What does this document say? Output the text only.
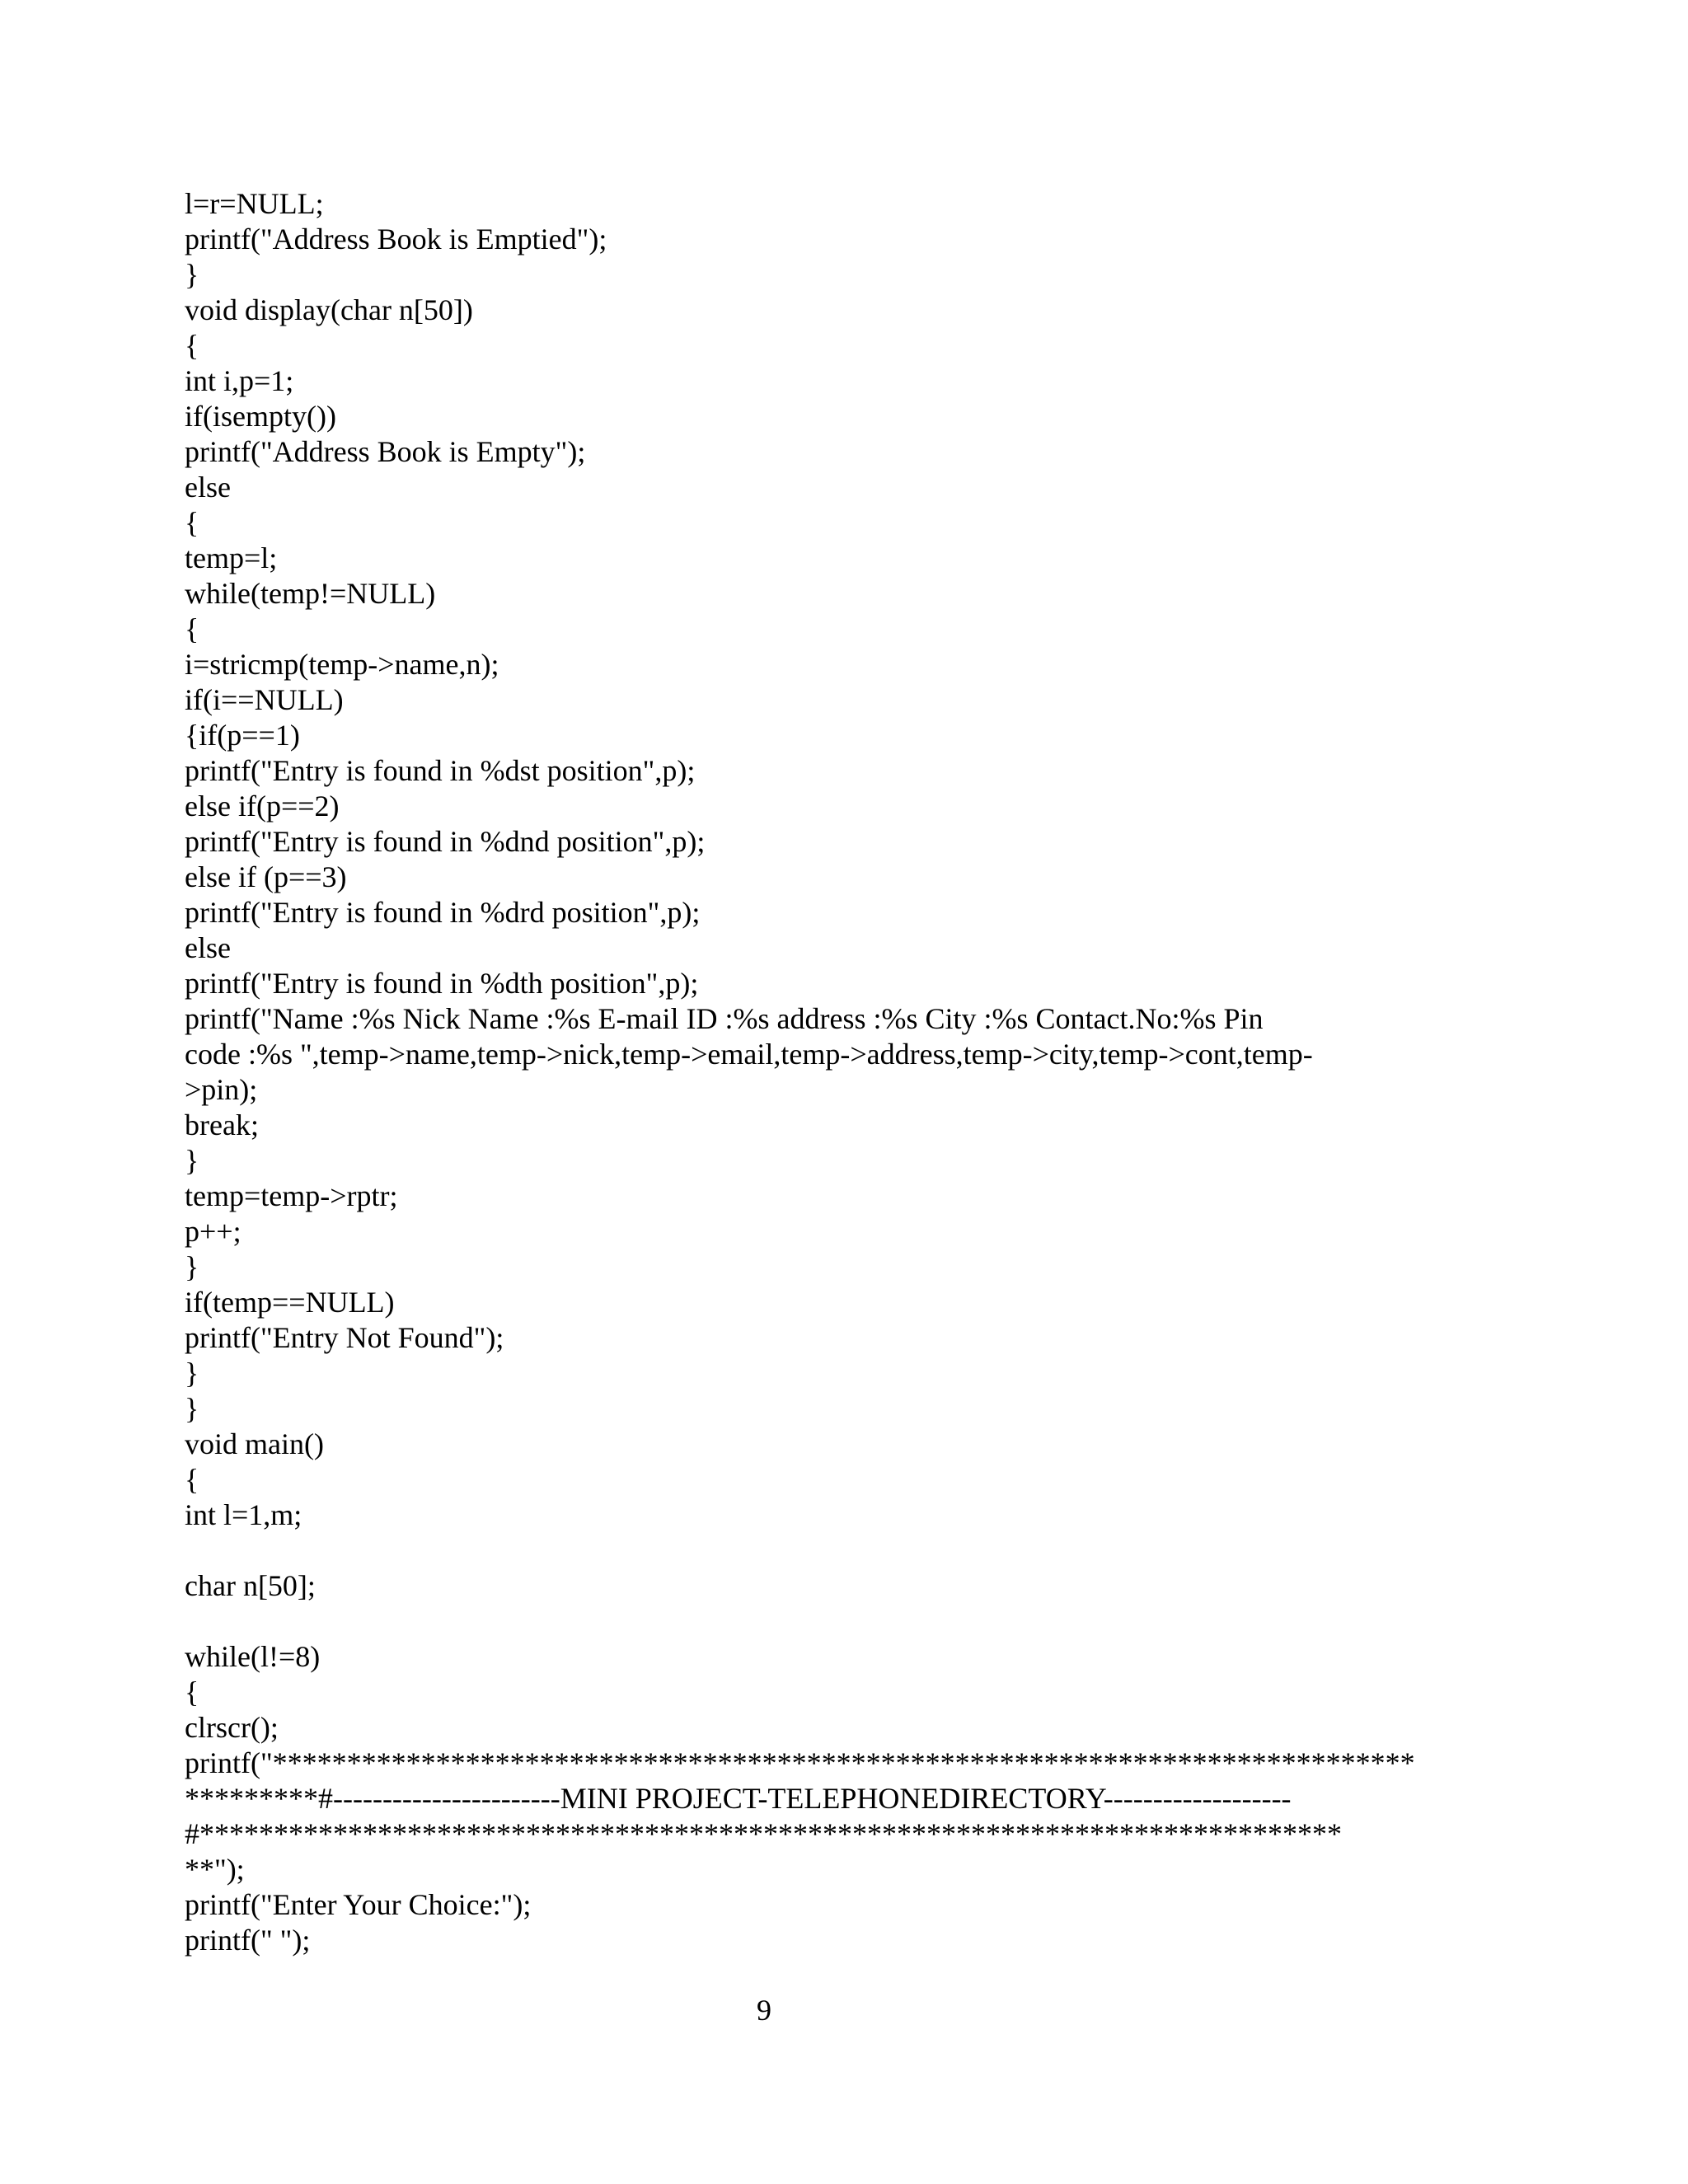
l=r=NULL;
printf("Address Book is Emptied");
}
void display(char n[50])
{
int i,p=1;
if(isempty())
printf("Address Book is Empty");
else
{
temp=l;
while(temp!=NULL)
{
i=stricmp(temp->name,n);
if(i==NULL)
{if(p==1)
printf("Entry is found in %dst position",p);
else if(p==2)
printf("Entry is found in %dnd position",p);
else if (p==3)
printf("Entry is found in %drd position",p);
else
printf("Entry is found in %dth position",p);
printf("Name :%s Nick Name :%s E-mail ID :%s address :%s City :%s Contact.No:%s Pin
code :%s ",temp->name,temp->nick,temp->email,temp->address,temp->city,temp->cont,temp-
>pin);
break;
}
temp=temp->rptr;
p++;
}
if(temp==NULL)
printf("Entry Not Found");
}
}
void main()
{
int l=1,m;
char n[50];
while(l!=8)
{
clrscr();
printf("*****************************************************************************
*********#-----------------------MINI PROJECT-TELEPHONEDIRECTORY-------------------
#*****************************************************************************
**");
printf("Enter Your Choice:");
printf(" ");
9
